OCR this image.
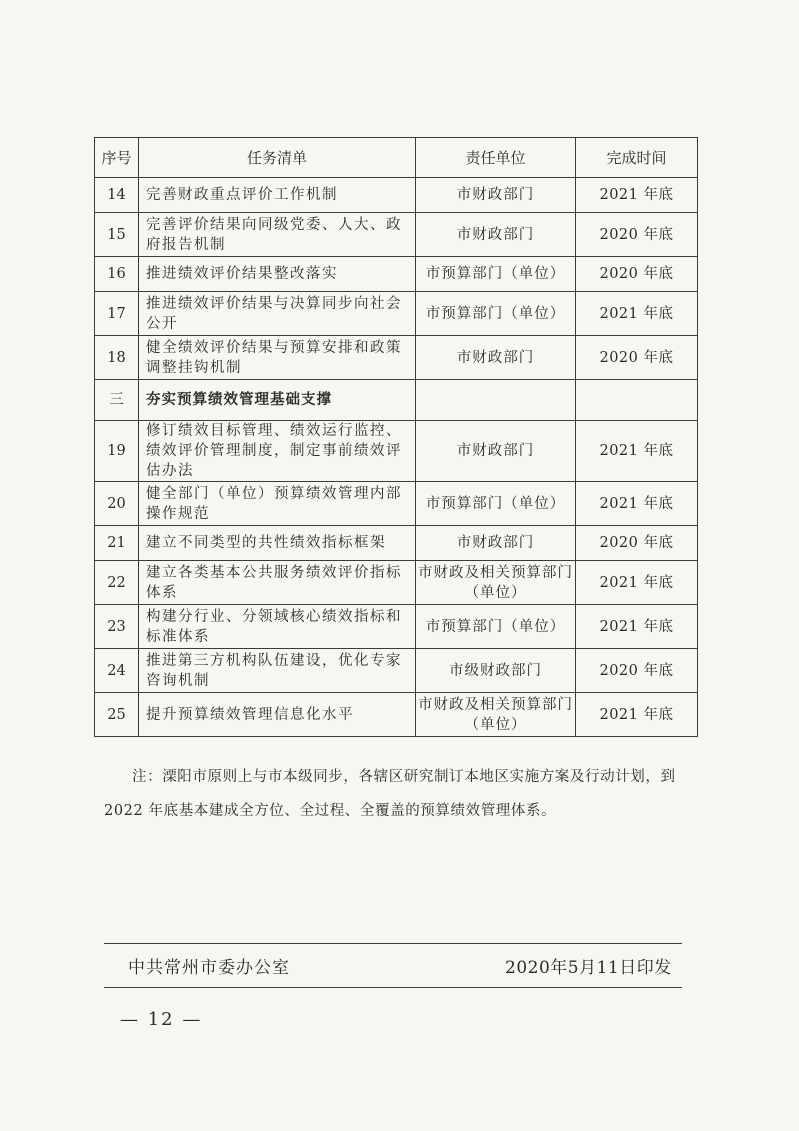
序号	任务清单	责任单位	完成时间
14	完善财政重点评价工作机制	市财政部门	2021 年底
15	完善评价结果向同级党委、人大、政府报告机制	市财政部门	2020 年底
16	推进绩效评价结果整改落实	市预算部门（单位）	2020 年底
17	推进绩效评价结果与决算同步向社会公开	市预算部门（单位）	2021 年底
18	健全绩效评价结果与预算安排和政策调整挂钩机制	市财政部门	2020 年底
三	夯实预算绩效管理基础支撑		
19	修订绩效目标管理、绩效运行监控、绩效评价管理制度，制定事前绩效评估办法	市财政部门	2021 年底
20	健全部门（单位）预算绩效管理内部操作规范	市预算部门（单位）	2021 年底
21	建立不同类型的共性绩效指标框架	市财政部门	2020 年底
22	建立各类基本公共服务绩效评价指标体系	市财政及相关预算部门（单位）	2021 年底
23	构建分行业、分领域核心绩效指标和标准体系	市预算部门（单位）	2021 年底
24	推进第三方机构队伍建设，优化专家咨询机制	市级财政部门	2020 年底
25	提升预算绩效管理信息化水平	市财政及相关预算部门（单位）	2021 年底
注：溧阳市原则上与市本级同步，各辖区研究制订本地区实施方案及行动计划，到2022 年底基本建成全方位、全过程、全覆盖的预算绩效管理体系。
中共常州市委办公室	2020年5月11日印发
— 12 —
